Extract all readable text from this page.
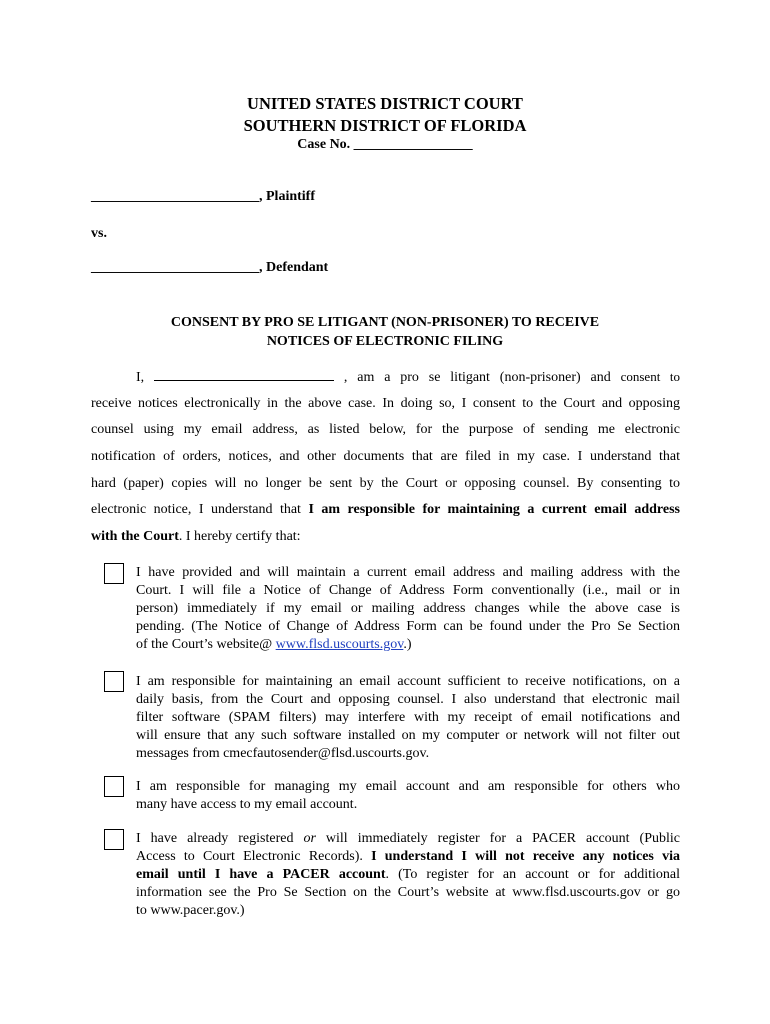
UNITED STATES DISTRICT COURT
SOUTHERN DISTRICT OF FLORIDA
Case No. _________________
________________________, Plaintiff
vs.
________________________, Defendant
CONSENT BY PRO SE LITIGANT (NON-PRISONER) TO RECEIVE
NOTICES OF ELECTRONIC FILING
I,	, am a pro se litigant (non-prisoner) and consent to
receive notices electronically in the above case. In doing so, I consent to the Court and opposing
counsel using my email address, as listed below, for the purpose of sending me electronic
notification of orders, notices, and other documents that are filed in my case. I understand that
hard (paper) copies will no longer be sent by the Court or opposing counsel. By consenting to
electronic notice, I understand that I am responsible for maintaining a current email address
with the Court. I hereby certify that:
I have provided and will maintain a current email address and mailing address with the
Court. I will file a Notice of Change of Address Form conventionally (i.e., mail or in
person) immediately if my email or mailing address changes while the above case is
pending. (The Notice of Change of Address Form can be found under the Pro Se Section
of the Court’s website@ www.flsd.uscourts.gov.)
I am responsible for maintaining an email account sufficient to receive notifications, on a
daily basis, from the Court and opposing counsel. I also understand that electronic mail
filter software (SPAM filters) may interfere with my receipt of email notifications and
will ensure that any such software installed on my computer or network will not filter out
messages from cmecfautosender@flsd.uscourts.gov.
I am responsible for managing my email account and am responsible for others who
many have access to my email account.
I have already registered or will immediately register for a PACER account (Public
Access to Court Electronic Records). I understand I will not receive any notices via
email until I have a PACER account. (To register for an account or for additional
information see the Pro Se Section on the Court’s website at www.flsd.uscourts.gov or go
to www.pacer.gov.)
